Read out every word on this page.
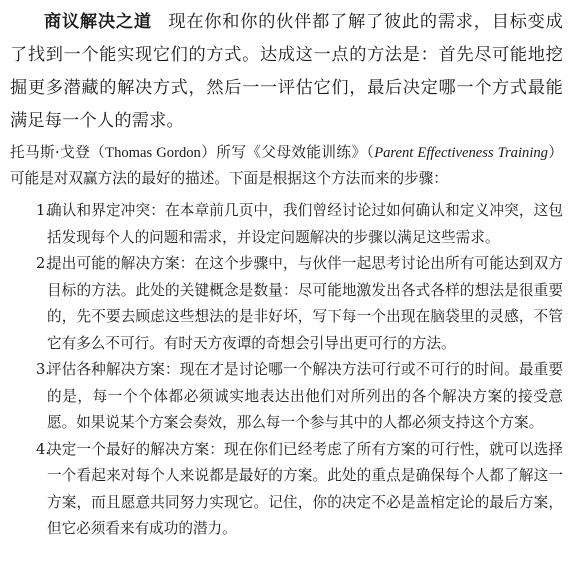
商议解决之道 现在你和你的伙伴都了解了彼此的需求，目标变成了找到一个能实现它们的方式。达成这一点的方法是：首先尽可能地挖掘更多潜藏的解决方式，然后一一评估它们，最后决定哪一个方式最能满足每一个人的需求。

托马斯·戈登（Thomas Gordon）所写《父母效能训练》（Parent Effectiveness Training）可能是对双赢方法的最好的描述。下面是根据这个方法而来的步骤：

1.
确认和界定冲突：在本章前几页中，我们曾经讨论过如何确认和定义冲突，这包括发现每个人的问题和需求，并设定问题解决的步骤以满足这些需求。
2.
提出可能的解决方案：在这个步骤中，与伙伴一起思考讨论出所有可能达到双方目标的方法。此处的关键概念是数量：尽可能地激发出各式各样的想法是很重要的，先不要去顾虑这些想法的是非好坏，写下每一个出现在脑袋里的灵感，不管它有多么不可行。有时天方夜谭的奇想会引导出更可行的方法。
3.
评估各种解决方案：现在才是讨论哪一个解决方法可行或不可行的时间。最重要的是，每一个个体都必须诚实地表达出他们对所列出的各个解决方案的接受意愿。如果说某个方案会奏效，那么每一个参与其中的人都必须支持这个方案。
4.
决定一个最好的解决方案：现在你们已经考虑了所有方案的可行性，就可以选择一个看起来对每个人来说都是最好的方案。此处的重点是确保每个人都了解这一方案，而且愿意共同努力实现它。记住，你的决定不必是盖棺定论的最后方案，但它必须看来有成功的潜力。
